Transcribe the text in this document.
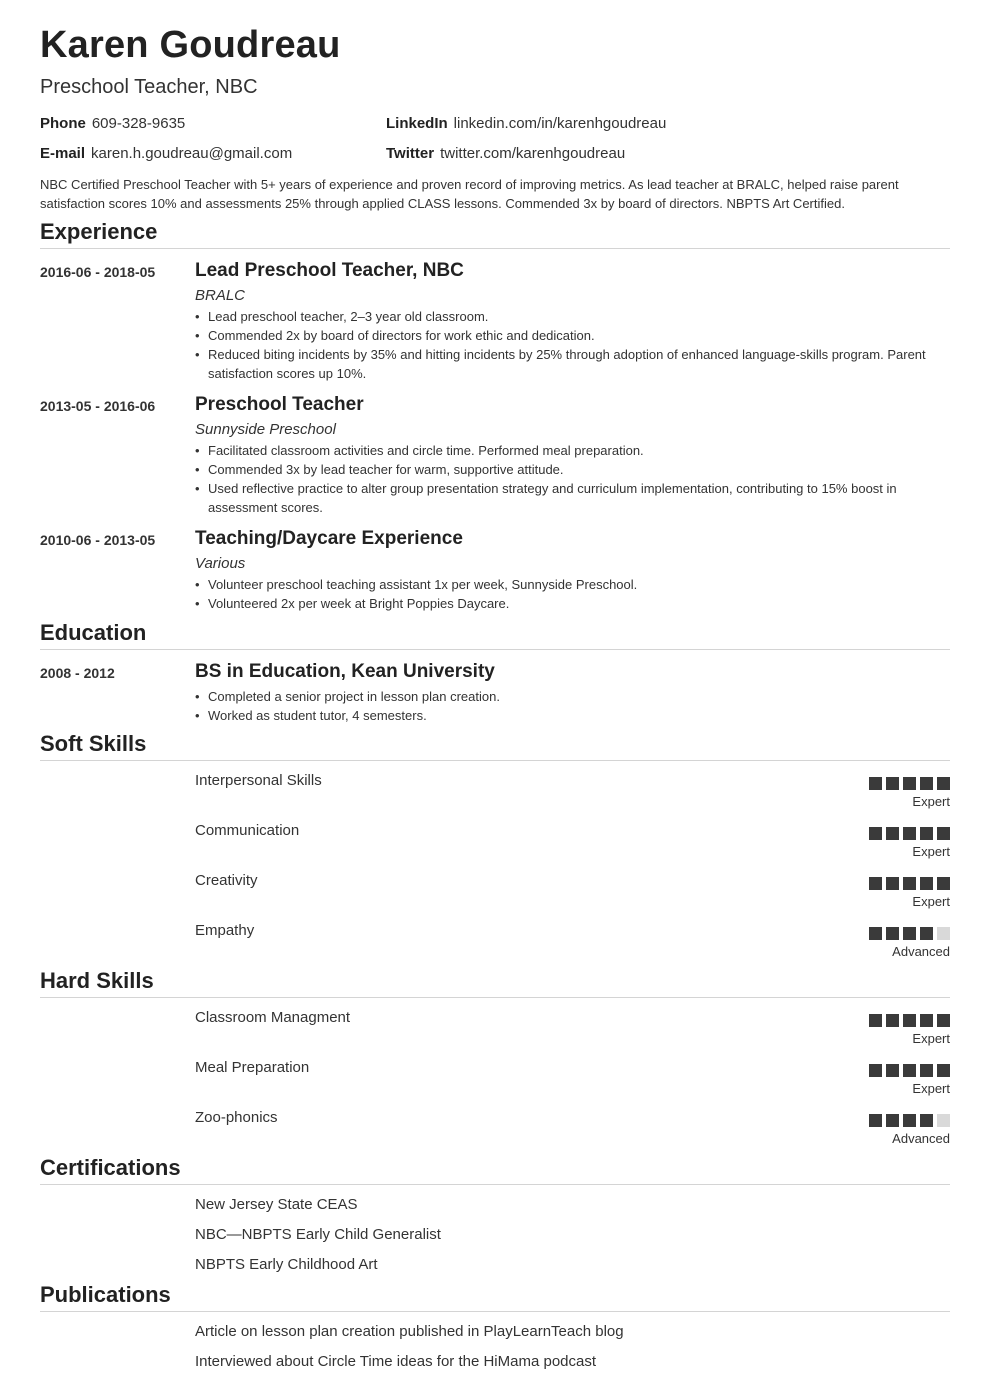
Karen Goudreau
Preschool Teacher, NBC
Phone 609-328-9635	LinkedIn linkedin.com/in/karenhgoudreau
E-mail karen.h.goudreau@gmail.com	Twitter twitter.com/karenhgoudreau
NBC Certified Preschool Teacher with 5+ years of experience and proven record of improving metrics. As lead teacher at BRALC, helped raise parent satisfaction scores 10% and assessments 25% through applied CLASS lessons. Commended 3x by board of directors. NBPTS Art Certified.
Experience
2016-06 - 2018-05 Lead Preschool Teacher, NBC
BRALC
• Lead preschool teacher, 2–3 year old classroom.
• Commended 2x by board of directors for work ethic and dedication.
• Reduced biting incidents by 35% and hitting incidents by 25% through adoption of enhanced language-skills program. Parent satisfaction scores up 10%.
2013-05 - 2016-06 Preschool Teacher
Sunnyside Preschool
• Facilitated classroom activities and circle time. Performed meal preparation.
• Commended 3x by lead teacher for warm, supportive attitude.
• Used reflective practice to alter group presentation strategy and curriculum implementation, contributing to 15% boost in assessment scores.
2010-06 - 2013-05 Teaching/Daycare Experience
Various
• Volunteer preschool teaching assistant 1x per week, Sunnyside Preschool.
• Volunteered 2x per week at Bright Poppies Daycare.
Education
2008 - 2012	BS in Education, Kean University
• Completed a senior project in lesson plan creation.
• Worked as student tutor, 4 semesters.
Soft Skills
Interpersonal Skills
Expert
Communication
Expert
Creativity
Expert
Empathy
Advanced
Hard Skills
Classroom Managment
Expert
Meal Preparation
Expert
Zoo-phonics
Advanced
Certifications
New Jersey State CEAS
NBC—NBPTS Early Child Generalist
NBPTS Early Childhood Art
Publications
Article on lesson plan creation published in PlayLearnTeach blog
Interviewed about Circle Time ideas for the HiMama podcast
